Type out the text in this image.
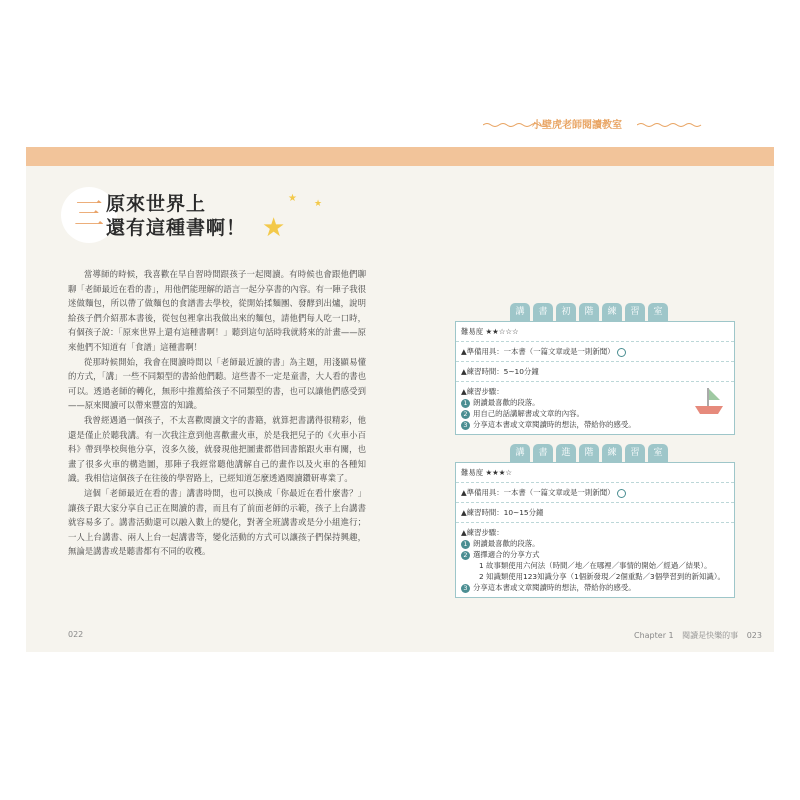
三 原來世界上
還有這種書啊！
★ ★
★

當導師的時候，我喜歡在早自習時間跟孩子一起閱讀。有時候也會跟他們聊聊「老師最近在看的書」，用他們能理解的語言一起分享書的內容。有一陣子我很迷做麵包，所以帶了做麵包的食譜書去學校，從開始揉麵團、發酵到出爐，說明給孩子們介紹那本書後，從包包裡拿出我做出來的麵包，請他們每人吃一口時，有個孩子說：「原來世界上還有這種書啊！」聽到這句話時我就將來的計畫——原來他們不知道有「食譜」這種書啊！

從那時候開始，我會在閱讀時間以「老師最近讀的書」為主題，用淺顯易懂的方式，「講」一些不同類型的書給他們聽。這些書不一定是童書，大人看的書也可以。透過老師的轉化，無形中推薦給孩子不同類型的書，也可以讓他們感受到——原來閱讀可以帶來豐富的知識。

我曾經遇過一個孩子，不太喜歡閱讀文字的書籍，就算把書講得很精彩，他還是僅止於聽我講。有一次我注意到他喜歡畫火車，於是我把兒子的《火車小百科》帶到學校與他分享，沒多久後，就發現他把圖畫都借回書館跟火車有關，也畫了很多火車的構造圖，那陣子我經常聽他講解自己的畫作以及火車的各種知識。我相信這個孩子在往後的學習路上，已經知道怎麼透過閱讀鑽研專業了。

這個「老師最近在看的書」講書時間，也可以換成「你最近在看什麼書？」讓孩子跟大家分享自己正在閱讀的書，而且有了前面老師的示範，孩子上台講書就容易多了。講書活動還可以融入數上的變化，對著全班講書或是分小組進行；一人上台講書、兩人上台一起講書等，變化活動的方式可以讓孩子們保持興趣，無論是講書或是聽書都有不同的收穫。

022	Chapter 1 閱讀是快樂的事 023
小壁虎老師閱讀教室
講	書	初	階	練	習	室
難易度 ★★☆☆☆
▲準備用具：一本書（一篇文章或是一則新聞）
▲練習時間：5~10分鐘
▲練習步驟：
1 朗讀最喜歡的段落。
2 用自己的話講解書或文章的內容。
3 分享這本書或文章閱讀時的想法，帶給你的感受。
講	書	進	階	練	習	室
難易度 ★★★☆
▲準備用具：一本書（一篇文章或是一則新聞）
▲練習時間：10~15分鐘
▲練習步驟：
1 朗讀最喜歡的段落。
2 選擇適合的分享方式
1 故事類使用六何法（時間／地／在哪裡／事情的開始／經過／結果）。
2 知識類使用123知識分享（1個新發現／2個重點／3個學習到的新知識）。
3 分享這本書或文章閱讀時的想法，帶給你的感受。
